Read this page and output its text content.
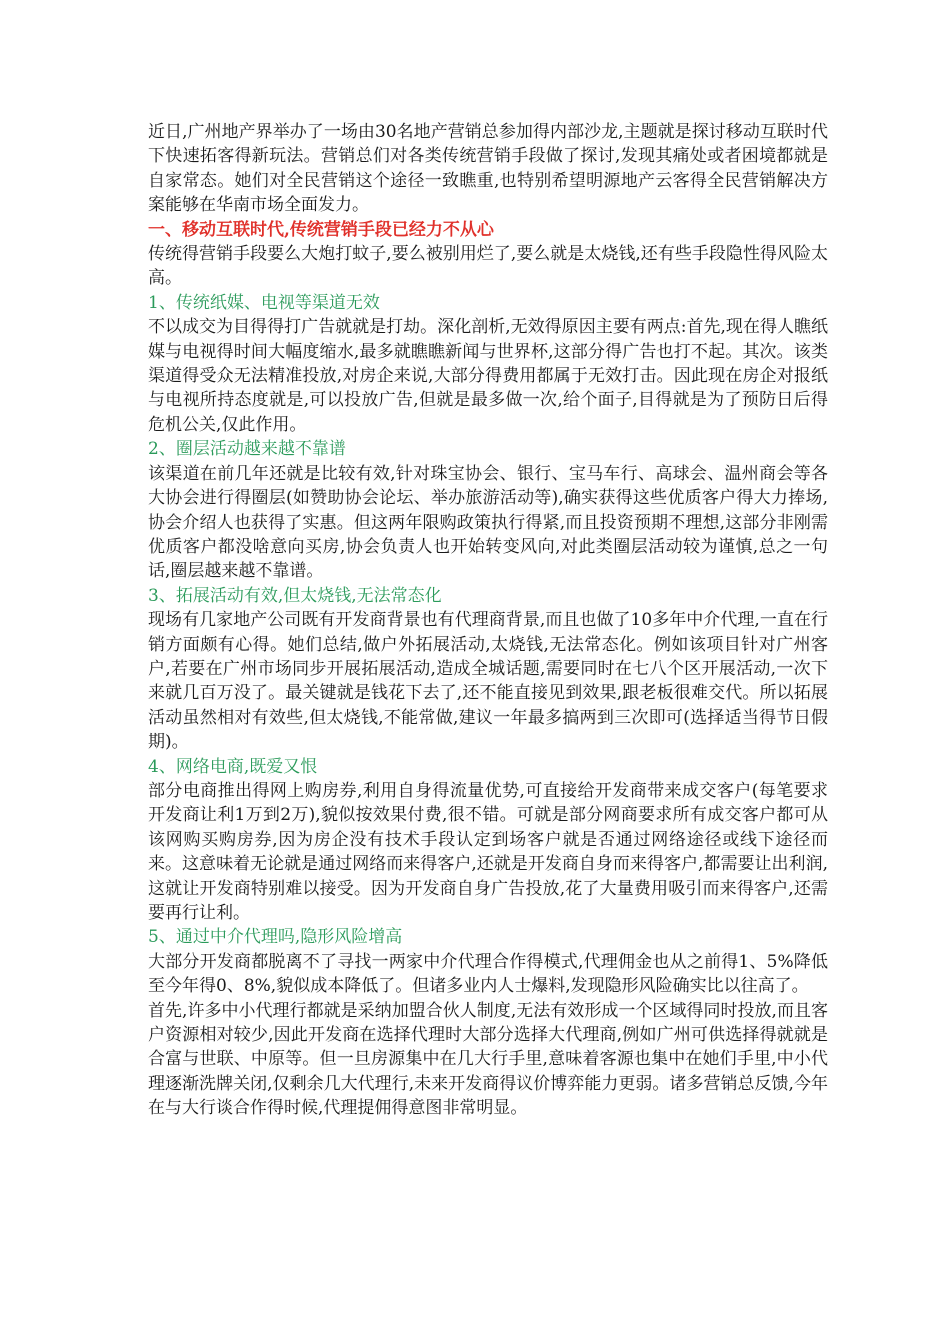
近日,广州地产界举办了一场由30名地产营销总参加得内部沙龙,主题就是探讨移动互联时代下快速拓客得新玩法。营销总们对各类传统营销手段做了探讨,发现其痛处或者困境都就是自家常态。她们对全民营销这个途径一致瞧重,也特别希望明源地产云客得全民营销解决方案能够在华南市场全面发力。

一、移动互联时代,传统营销手段已经力不从心

传统得营销手段要么大炮打蚊子,要么被别用烂了,要么就是太烧钱,还有些手段隐性得风险太高。

1、传统纸媒、电视等渠道无效

不以成交为目得得打广告就就是打劫。深化剖析,无效得原因主要有两点:首先,现在得人瞧纸媒与电视得时间大幅度缩水,最多就瞧瞧新闻与世界杯,这部分得广告也打不起。其次。该类渠道得受众无法精准投放,对房企来说,大部分得费用都属于无效打击。因此现在房企对报纸与电视所持态度就是,可以投放广告,但就是最多做一次,给个面子,目得就是为了预防日后得危机公关,仅此作用。

2、圈层活动越来越不靠谱

该渠道在前几年还就是比较有效,针对珠宝协会、银行、宝马车行、高球会、温州商会等各大协会进行得圈层(如赞助协会论坛、举办旅游活动等),确实获得这些优质客户得大力捧场,协会介绍人也获得了实惠。但这两年限购政策执行得紧,而且投资预期不理想,这部分非刚需优质客户都没啥意向买房,协会负责人也开始转变风向,对此类圈层活动较为谨慎,总之一句话,圈层越来越不靠谱。

3、拓展活动有效,但太烧钱,无法常态化

现场有几家地产公司既有开发商背景也有代理商背景,而且也做了10多年中介代理,一直在行销方面颇有心得。她们总结,做户外拓展活动,太烧钱,无法常态化。例如该项目针对广州客户,若要在广州市场同步开展拓展活动,造成全城话题,需要同时在七八个区开展活动,一次下来就几百万没了。最关键就是钱花下去了,还不能直接见到效果,跟老板很难交代。所以拓展活动虽然相对有效些,但太烧钱,不能常做,建议一年最多搞两到三次即可(选择适当得节日假期)。

4、网络电商,既爱又恨

部分电商推出得网上购房券,利用自身得流量优势,可直接给开发商带来成交客户(每笔要求开发商让利1万到2万),貌似按效果付费,很不错。可就是部分网商要求所有成交客户都可从该网购买购房券,因为房企没有技术手段认定到场客户就是否通过网络途径或线下途径而来。这意味着无论就是通过网络而来得客户,还就是开发商自身而来得客户,都需要让出利润,这就让开发商特别难以接受。因为开发商自身广告投放,花了大量费用吸引而来得客户,还需要再行让利。

5、通过中介代理吗,隐形风险增高

大部分开发商都脱离不了寻找一两家中介代理合作得模式,代理佣金也从之前得1、5%降低至今年得0、8%,貌似成本降低了。但诸多业内人士爆料,发现隐形风险确实比以往高了。

首先,许多中小代理行都就是采纳加盟合伙人制度,无法有效形成一个区域得同时投放,而且客户资源相对较少,因此开发商在选择代理时大部分选择大代理商,例如广州可供选择得就就是合富与世联、中原等。但一旦房源集中在几大行手里,意味着客源也集中在她们手里,中小代理逐渐洗牌关闭,仅剩余几大代理行,未来开发商得议价博弈能力更弱。诸多营销总反馈,今年在与大行谈合作得时候,代理提佣得意图非常明显。
